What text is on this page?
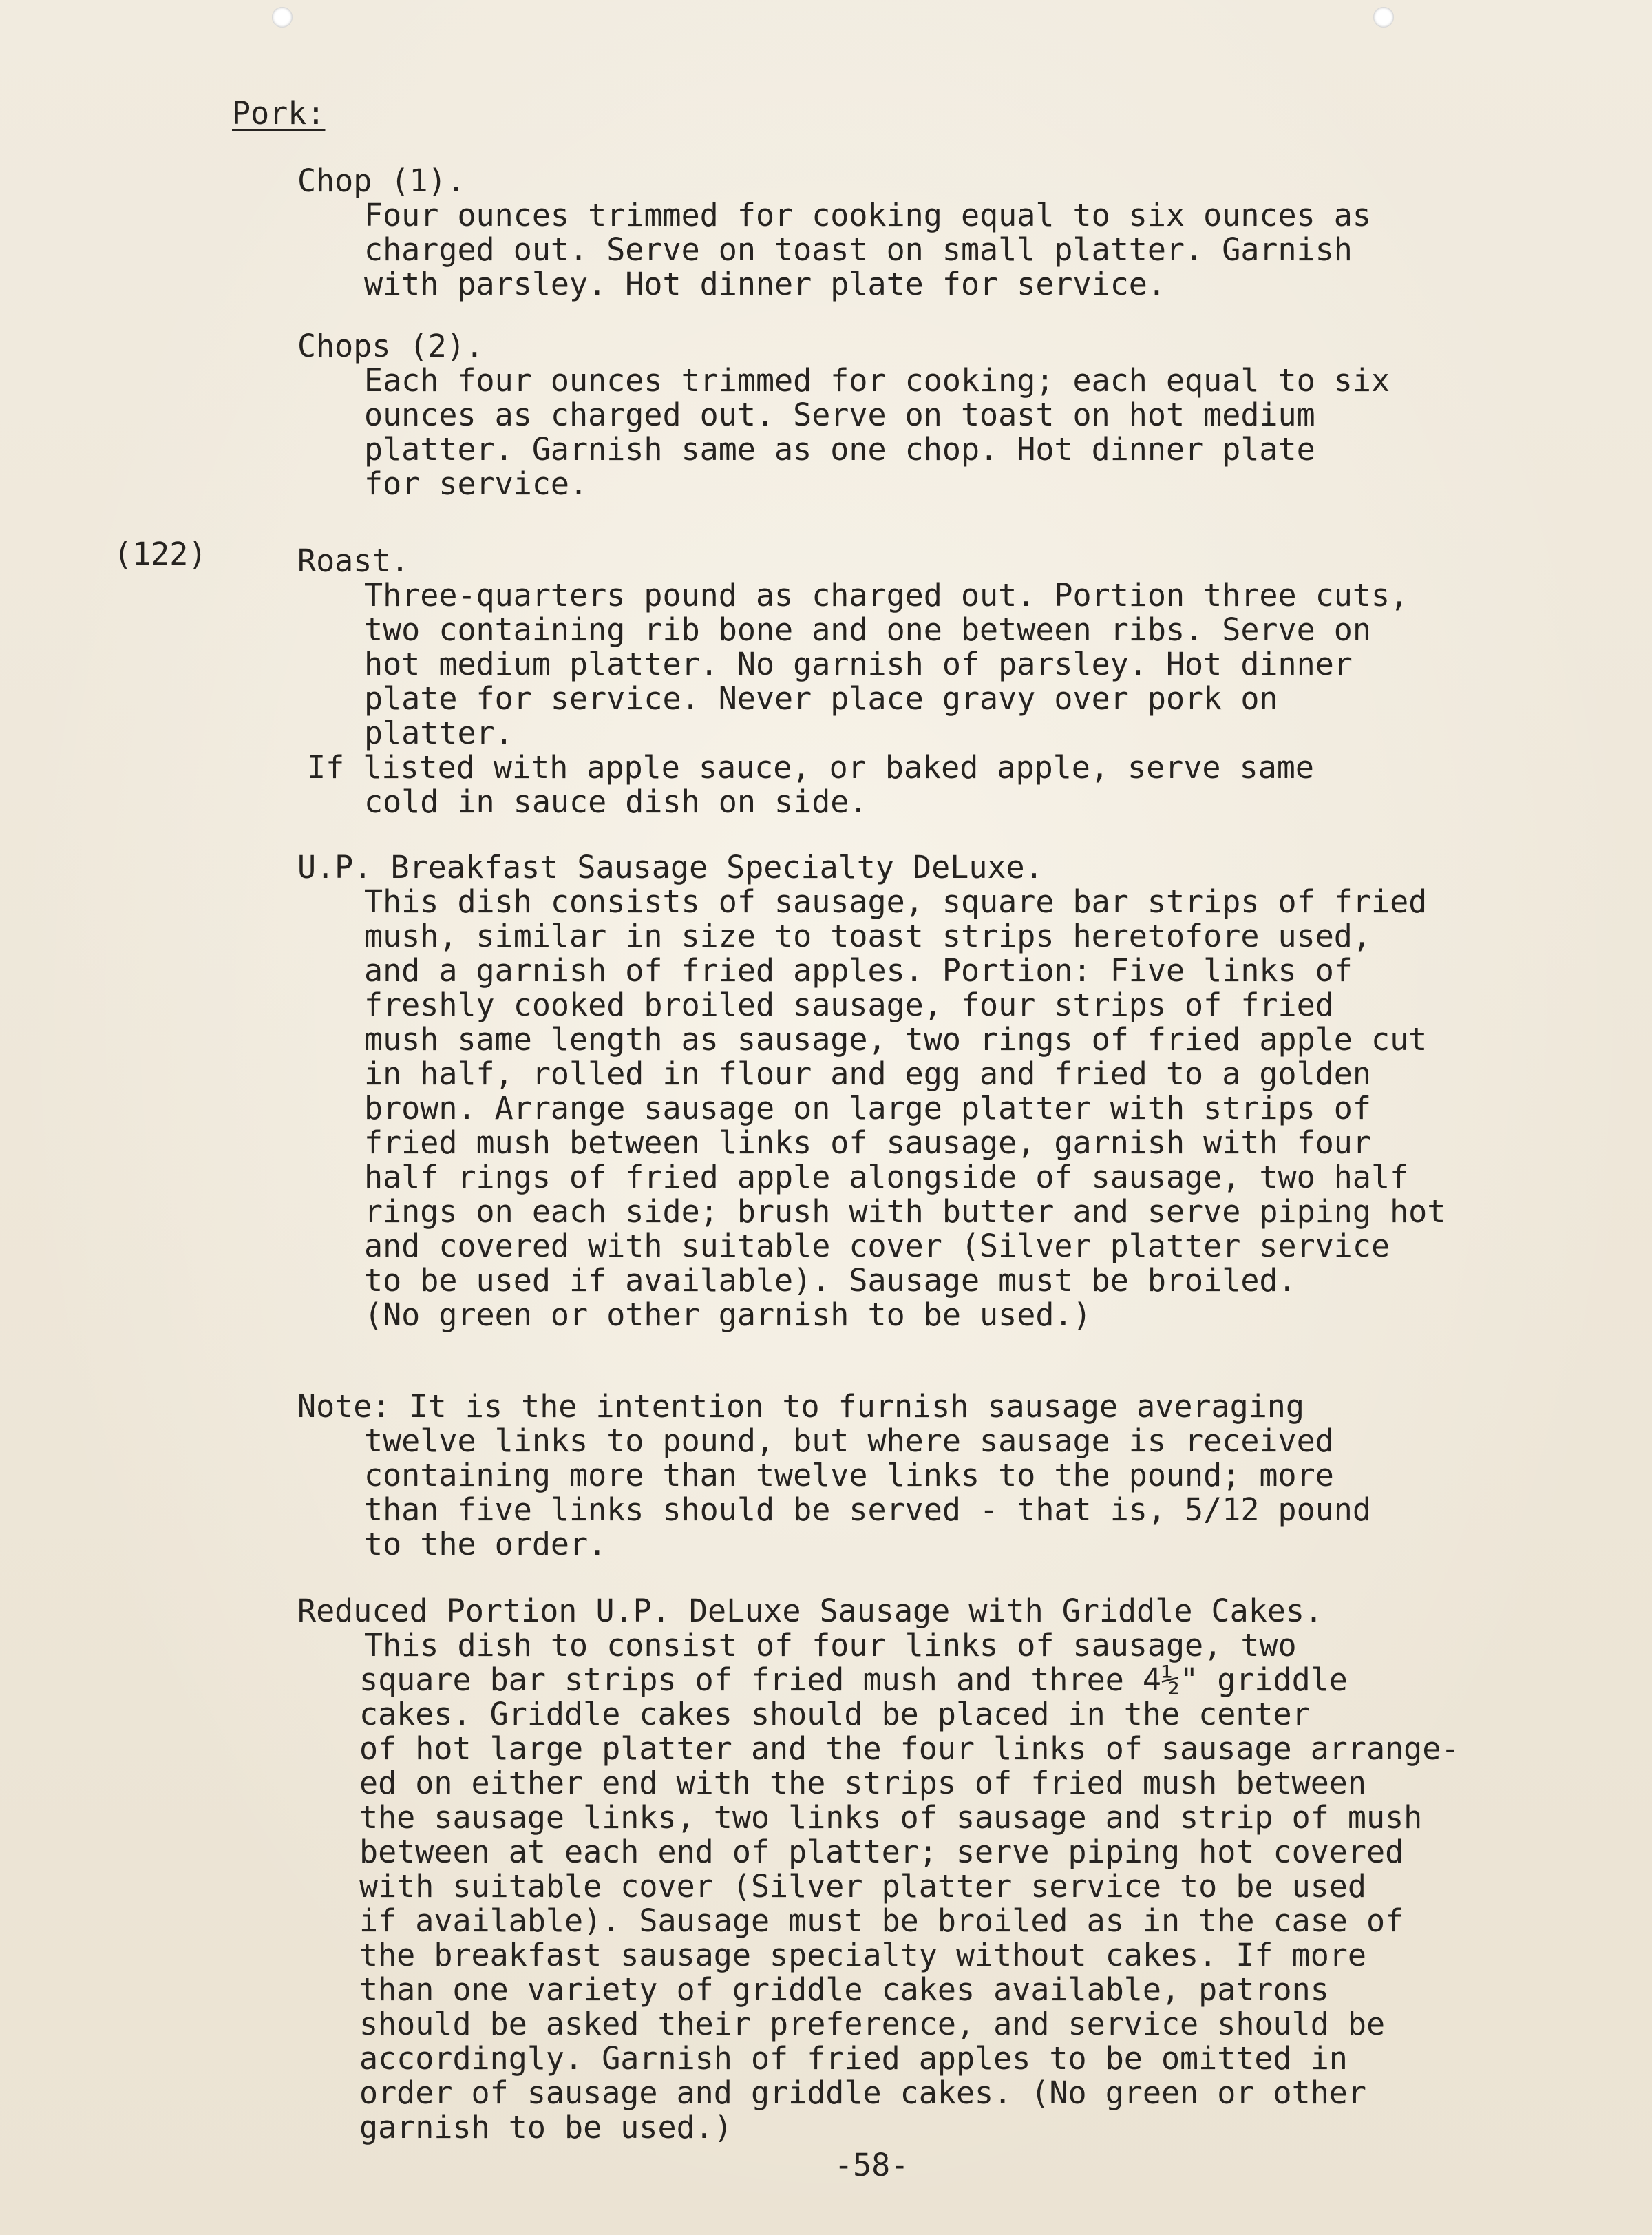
Pork:
(122)
Chop (1).
Four ounces trimmed for cooking equal to six ounces as
charged out. Serve on toast on small platter. Garnish
with parsley. Hot dinner plate for service.
Chops (2).
Each four ounces trimmed for cooking; each equal to six
ounces as charged out. Serve on toast on hot medium
platter. Garnish same as one chop. Hot dinner plate
for service.
Roast.
Three-quarters pound as charged out. Portion three cuts,
two containing rib bone and one between ribs. Serve on
hot medium platter. No garnish of parsley. Hot dinner
plate for service. Never place gravy over pork on
platter.
If listed with apple sauce, or baked apple, serve same
cold in sauce dish on side.
U.P. Breakfast Sausage Specialty DeLuxe.
This dish consists of sausage, square bar strips of fried
mush, similar in size to toast strips heretofore used,
and a garnish of fried apples. Portion: Five links of
freshly cooked broiled sausage, four strips of fried
mush same length as sausage, two rings of fried apple cut
in half, rolled in flour and egg and fried to a golden
brown. Arrange sausage on large platter with strips of
fried mush between links of sausage, garnish with four
half rings of fried apple alongside of sausage, two half
rings on each side; brush with butter and serve piping hot
and covered with suitable cover (Silver platter service
to be used if available). Sausage must be broiled.
(No green or other garnish to be used.)
Note: It is the intention to furnish sausage averaging
twelve links to pound, but where sausage is received
containing more than twelve links to the pound; more
than five links should be served - that is, 5/12 pound
to the order.
Reduced Portion U.P. DeLuxe Sausage with Griddle Cakes.
This dish to consist of four links of sausage, two
square bar strips of fried mush and three 4½" griddle
cakes. Griddle cakes should be placed in the center
of hot large platter and the four links of sausage arrange-
ed on either end with the strips of fried mush between
the sausage links, two links of sausage and strip of mush
between at each end of platter; serve piping hot covered
with suitable cover (Silver platter service to be used
if available). Sausage must be broiled as in the case of
the breakfast sausage specialty without cakes. If more
than one variety of griddle cakes available, patrons
should be asked their preference, and service should be
accordingly. Garnish of fried apples to be omitted in
order of sausage and griddle cakes. (No green or other
garnish to be used.)
-58-
